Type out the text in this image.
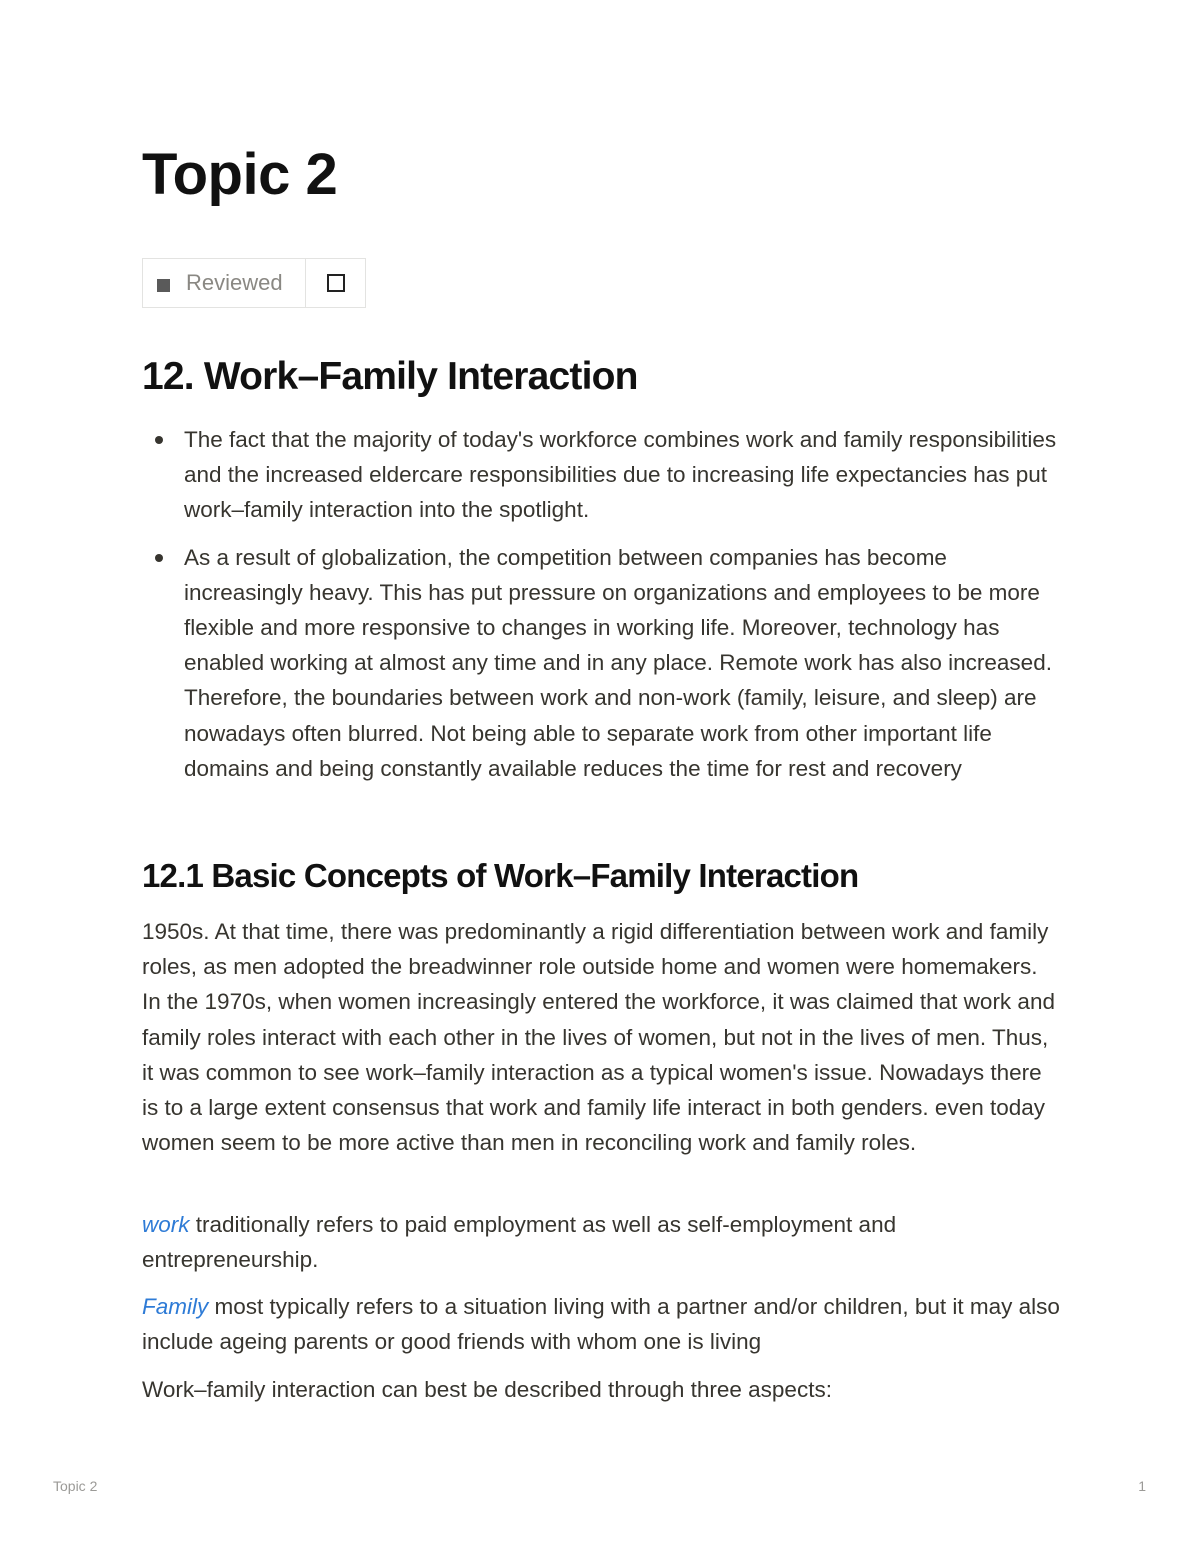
Topic 2
Reviewed
12. Work–Family Interaction
The fact that the majority of today's workforce combines work and family responsibilities and the increased eldercare responsibilities due to increasing life expectancies has put work–family interaction into the spotlight.
As a result of globalization, the competition between companies has become increasingly heavy. This has put pressure on organizations and employees to be more flexible and more responsive to changes in working life. Moreover, technology has enabled working at almost any time and in any place. Remote work has also increased. Therefore, the boundaries between work and non-work (family, leisure, and sleep) are nowadays often blurred. Not being able to separate work from other important life domains and being constantly available reduces the time for rest and recovery
12.1 Basic Concepts of Work–Family Interaction

1950s. At that time, there was predominantly a rigid differentiation between work and family roles, as men adopted the breadwinner role outside home and women were homemakers. In the 1970s, when women increasingly entered the workforce, it was claimed that work and family roles interact with each other in the lives of women, but not in the lives of men. Thus, it was common to see work–family interaction as a typical women's issue. Nowadays there is to a large extent consensus that work and family life interact in both genders. even today women seem to be more active than men in reconciling work and family roles.

work traditionally refers to paid employment as well as self-employment and entrepreneurship.

Family most typically refers to a situation living with a partner and/or children, but it may also include ageing parents or good friends with whom one is living

Work–family interaction can best be described through three aspects:

Topic 2	1
